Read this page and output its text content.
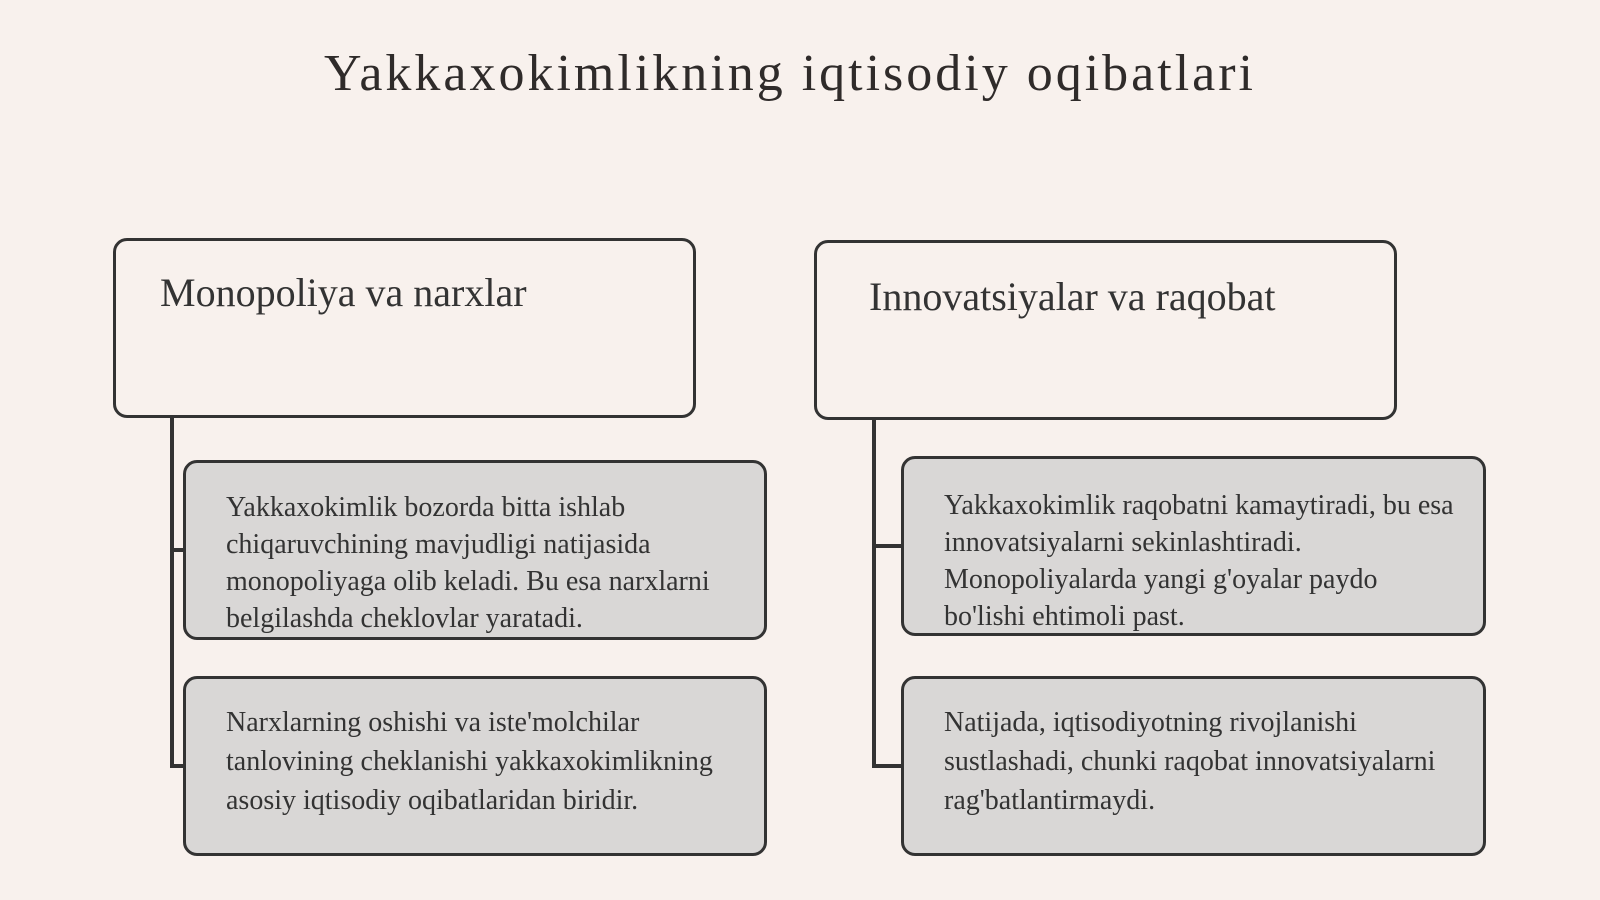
Yakkaxokimlikning iqtisodiy oqibatlari
Monopoliya va narxlar	Innovatsiyalar va raqobat
Yakkaxokimlik bozorda bitta ishlab chiqaruvchining mavjudligi natijasida monopoliyaga olib keladi. Bu esa narxlarni belgilashda cheklovlar yaratadi.
Narxlarning oshishi va iste'molchilar tanlovining cheklanishi yakkaxokimlikning asosiy iqtisodiy oqibatlaridan biridir.
Yakkaxokimlik raqobatni kamaytiradi, bu esa innovatsiyalarni sekinlashtiradi. Monopoliyalarda yangi g'oyalar paydo bo'lishi ehtimoli past.
Natijada, iqtisodiyotning rivojlanishi sustlashadi, chunki raqobat innovatsiyalarni rag'batlantirmaydi.
